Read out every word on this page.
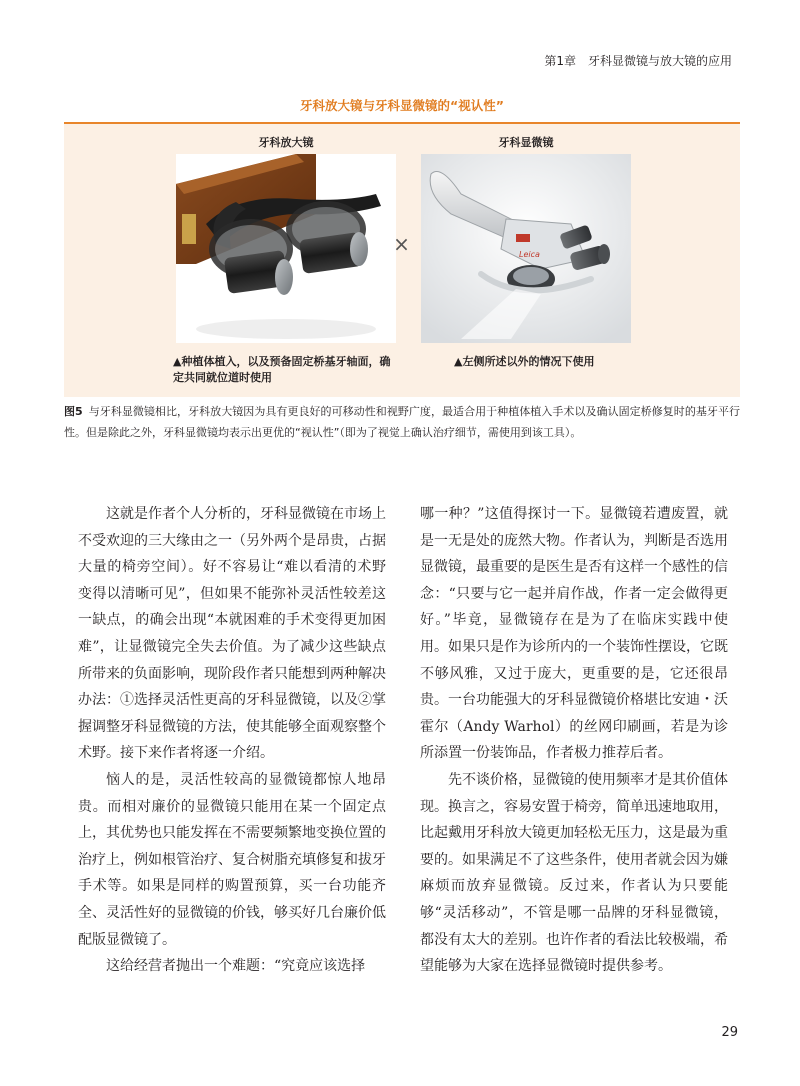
第1章　牙科显微镜与放大镜的应用
牙科放大镜与牙科显微镜的“视认性”
牙科放大镜	牙科显微镜
×	Leica
▲种植体植入，以及预备固定桥基牙轴面，确定共同就位道时使用
▲左侧所述以外的情况下使用
图5 与牙科显微镜相比，牙科放大镜因为具有更良好的可移动性和视野广度，最适合用于种植体植入手术以及确认固定桥修复时的基牙平行性。但是除此之外，牙科显微镜均表示出更优的“视认性”（即为了视觉上确认治疗细节，需使用到该工具）。

这就是作者个人分析的，牙科显微镜在市场上不受欢迎的三大缘由之一（另外两个是昂贵，占据大量的椅旁空间）。好不容易让“难以看清的术野变得以清晰可见”，但如果不能弥补灵活性较差这一缺点，的确会出现“本就困难的手术变得更加困难”，让显微镜完全失去价值。为了减少这些缺点所带来的负面影响，现阶段作者只能想到两种解决办法：①选择灵活性更高的牙科显微镜，以及②掌握调整牙科显微镜的方法，使其能够全面观察整个术野。接下来作者将逐一介绍。

恼人的是，灵活性较高的显微镜都惊人地昂贵。而相对廉价的显微镜只能用在某一个固定点上，其优势也只能发挥在不需要频繁地变换位置的治疗上，例如根管治疗、复合树脂充填修复和拔牙手术等。如果是同样的购置预算，买一台功能齐全、灵活性好的显微镜的价钱，够买好几台廉价低配版显微镜了。

这给经营者抛出一个难题：“究竟应该选择

哪一种？”这值得探讨一下。显微镜若遭废置，就是一无是处的庞然大物。作者认为，判断是否选用显微镜，最重要的是医生是否有这样一个感性的信念：“只要与它一起并肩作战，作者一定会做得更好。”毕竟，显微镜存在是为了在临床实践中使用。如果只是作为诊所内的一个装饰性摆设，它既不够风雅，又过于庞大，更重要的是，它还很昂贵。一台功能强大的牙科显微镜价格堪比安迪・沃霍尔（Andy Warhol）的丝网印刷画，若是为诊所添置一份装饰品，作者极力推荐后者。

先不谈价格，显微镜的使用频率才是其价值体现。换言之，容易安置于椅旁，简单迅速地取用，比起戴用牙科放大镜更加轻松无压力，这是最为重要的。如果满足不了这些条件，使用者就会因为嫌麻烦而放弃显微镜。反过来，作者认为只要能够“灵活移动”，不管是哪一品牌的牙科显微镜，都没有太大的差别。也许作者的看法比较极端，希望能够为大家在选择显微镜时提供参考。

29
